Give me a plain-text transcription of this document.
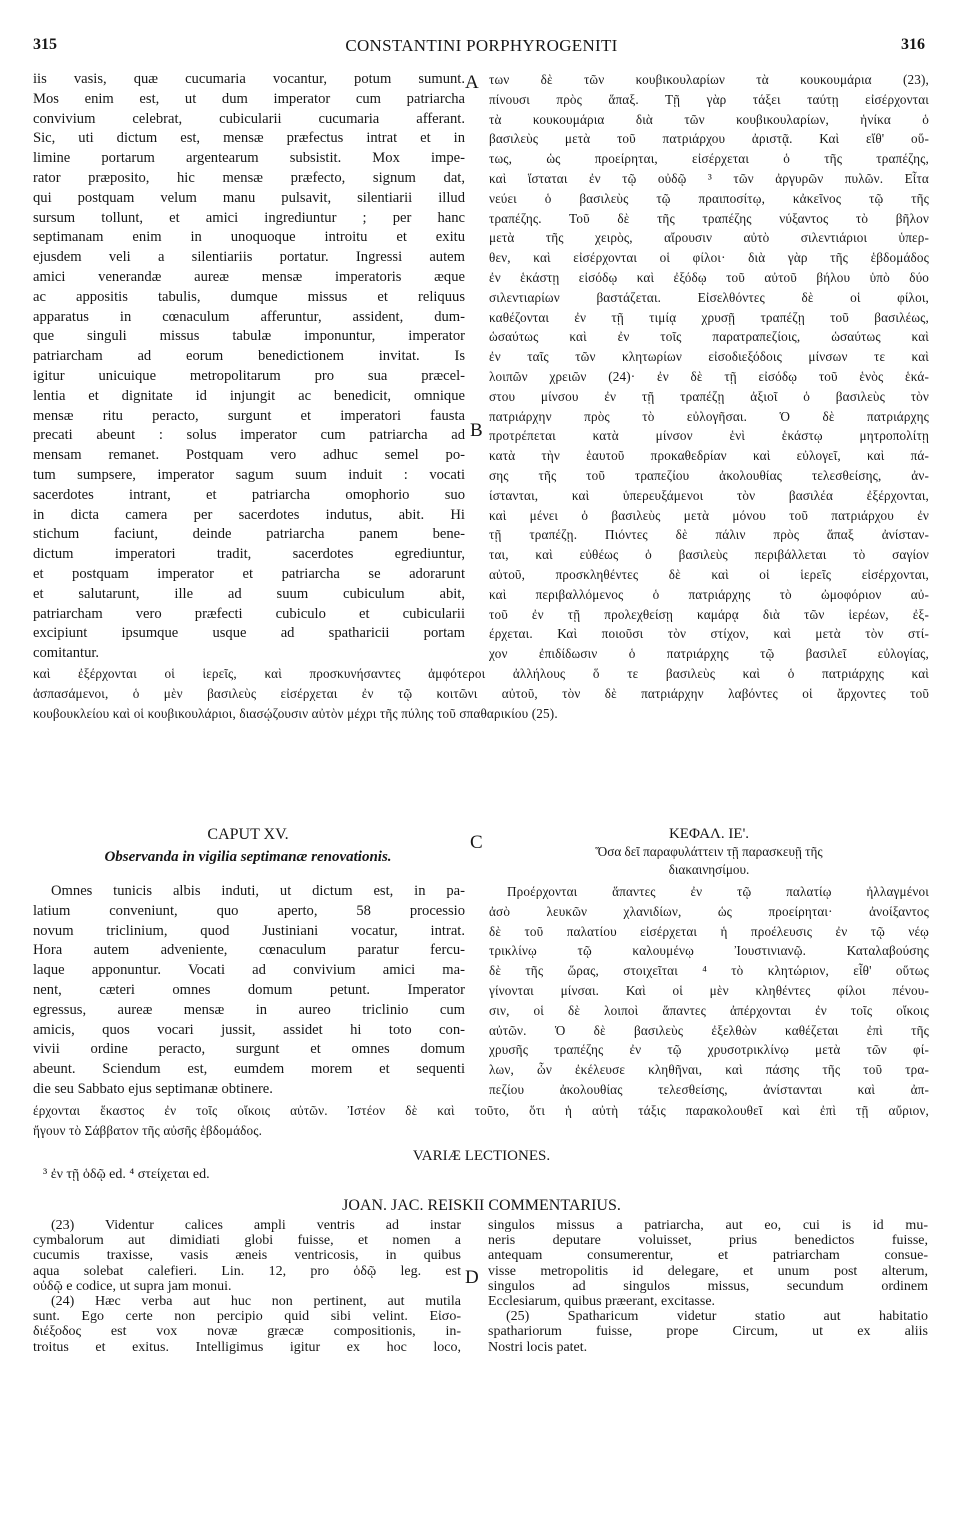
315	CONSTANTINI PORPHYROGENITI	316
A
B
C
D
iis vasis, quæ cucumaria vocantur, potum sumunt.
Mos enim est, ut dum imperator cum patriarcha
convivium celebrat, cubicularii cucumaria afferant.
Sic, uti dictum est, mensæ præfectus intrat et in
limine portarum argentearum subsistit. Mox impe-
rator præposito, hic mensæ præfecto, signum dat,
qui postquam velum manu pulsavit, silentiarii illud
sursum tollunt, et amici ingrediuntur ; per hanc
septimanam enim in unoquoque introitu et exitu
ejusdem veli a silentiariis portatur. Ingressi autem
amici venerandæ aureæ mensæ imperatoris æque
ac appositis tabulis, dumque missus et reliquus
apparatus in cœnaculum afferuntur, assident, dum-
que singuli missus tabulæ imponuntur, imperator
patriarcham ad eorum benedictionem invitat. Is
igitur unicuique metropolitarum pro sua præcel-
lentia et dignitate id injungit ac benedicit, omnique
mensæ ritu peracto, surgunt et imperatori fausta
precati abeunt : solus imperator cum patriarcha ad
mensam remanet. Postquam vero adhuc semel po-
tum sumpsere, imperator sagum suum induit : vocati
sacerdotes intrant, et patriarcha omophorio suo
in dicta camera per sacerdotes indutus, abit. Hi
stichum faciunt, deinde patriarcha panem bene-
dictum imperatori tradit, sacerdotes egrediuntur,
et postquam imperator et patriarcha se adorarunt
et salutarunt, ille ad suum cubiculum abit,
patriarcham vero præfecti cubiculo et cubicularii
excipiunt ipsumque usque ad spatharicii portam
comitantur.
των δὲ τῶν κουβικουλαρίων τὰ κουκουμάρια (23),
πίνουσι πρὸς ἅπαξ. Τῇ γὰρ τάξει ταύτῃ εἰσέρχονται
τὰ κουκουμάρια διὰ τῶν κουβικουλαρίων, ἡνίκα ὁ
βασιλεὺς μετὰ τοῦ πατριάρχου ἀριστᾷ. Καὶ εἴθ' οὕ-
τως, ὡς προείρηται, εἰσέρχεται ὁ τῆς τραπέζης,
καὶ ἵσταται ἐν τῷ οὐδῷ ³ τῶν ἀργυρῶν πυλῶν. Εἶτα
νεύει ὁ βασιλεὺς τῷ πραιποσίτῳ, κἀκεῖνος τῷ τῆς
τραπέζης. Τοῦ δὲ τῆς τραπέζης νύξαντος τὸ βῆλον
μετὰ τῆς χειρὸς, αἴρουσιν αὐτὸ σιλεντιάριοι ὑπερ-
θεν, καὶ εἰσέρχονται οἱ φίλοι· διὰ γὰρ τῆς ἑβδομάδος
ἐν ἑκάστῃ εἰσόδῳ καὶ ἐξόδῳ τοῦ αὐτοῦ βήλου ὑπὸ δύο
σιλεντιαρίων βαστάζεται. Εἰσελθόντες δὲ οἱ φίλοι,
καθέζονται ἐν τῇ τιμίᾳ χρυσῇ τραπέζῃ τοῦ βασιλέως,
ὡσαύτως καὶ ἐν τοῖς παρατραπεζίοις, ὡσαύτως καὶ
ἐν ταῖς τῶν κλητωρίων εἰσοδιεξόδοις μίνσων τε καὶ
λοιπῶν χρειῶν (24)· ἐν δὲ τῇ εἰσόδῳ τοῦ ἑνὸς ἑκά-
στου μίνσου ἐν τῇ τραπέζῃ ἀξιοῖ ὁ βασιλεὺς τὸν
πατριάρχην πρὸς τὸ εὐλογῆσαι. Ὁ δὲ πατριάρχης
προτρέπεται κατὰ μίνσον ἑνὶ ἑκάστῳ μητροπολίτῃ
κατὰ τὴν ἑαυτοῦ προκαθεδρίαν καὶ εὐλογεῖ, καὶ πά-
σης τῆς τοῦ τραπεζίου ἀκολουθίας τελεσθείσης, ἀν-
ίστανται, καὶ ὑπερευξάμενοι τὸν βασιλέα ἐξέρχονται,
καὶ μένει ὁ βασιλεὺς μετὰ μόνου τοῦ πατριάρχου ἐν
τῇ τραπέζῃ. Πιόντες δὲ πάλιν πρὸς ἅπαξ ἀνίσταν-
ται, καὶ εὐθέως ὁ βασιλεὺς περιβάλλεται τὸ σαγίον
αὐτοῦ, προσκληθέντες δὲ καὶ οἱ ἱερεῖς εἰσέρχονται,
καὶ περιβαλλόμενος ὁ πατριάρχης τὸ ὠμοφόριον αὐ-
τοῦ ἐν τῇ προλεχθείσῃ καμάρᾳ διὰ τῶν ἱερέων, ἐξ-
έρχεται. Καὶ ποιοῦσι τὸν στίχον, καὶ μετὰ τὸν στί-
χον ἐπιδίδωσιν ὁ πατριάρχης τῷ βασιλεῖ εὐλογίας,
καὶ ἐξέρχονται οἱ ἱερεῖς, καὶ προσκυνήσαντες ἀμφότεροι ἀλλήλους ὅ τε βασιλεὺς καὶ ὁ πατριάρχης καὶ
ἀσπασάμενοι, ὁ μὲν βασιλεὺς εἰσέρχεται ἐν τῷ κοιτῶνι αὐτοῦ, τὸν δὲ πατριάρχην λαβόντες οἱ ἄρχοντες τοῦ
κουβουκλείου καὶ οἱ κουβικουλάριοι, διασῴζουσιν αὐτὸν μέχρι τῆς πύλης τοῦ σπαθαρικίου (25).
CAPUT XV.
Observanda in vigilia septimanæ renovationis.
ΚΕΦΑΛ. ΙΕ'.
Ὅσα δεῖ παραφυλάττειν τῇ παρασκευῇ τῆς
διακαινησίμου.
Omnes tunicis albis induti, ut dictum est, in pa-
latium conveniunt, quo aperto, 58 processio
novum triclinium, quod Justiniani vocatur, intrat.
Hora autem adveniente, cœnaculum paratur fercu-
laque apponuntur. Vocati ad convivium amici ma-
nent, cæteri omnes domum petunt. Imperator
egressus, aureæ mensæ in aureo triclinio cum
amicis, quos vocari jussit, assidet hi toto con-
vivii ordine peracto, surgunt et omnes domum
abeunt. Sciendum est, eumdem morem et sequenti
die seu Sabbato ejus septimanæ obtinere.
Προέρχονται ἅπαντες ἐν τῷ παλατίῳ ἠλλαγμένοι
ἀσὸ λευκῶν χλανιδίων, ὡς προείρηται· ἀνοίξαντος
δὲ τοῦ παλατίου εἰσέρχεται ἡ προέλευσις ἐν τῷ νέῳ
τρικλίνῳ τῷ καλουμένῳ Ἰουστινιανῷ. Καταλαβούσης
δὲ τῆς ὥρας, στοιχεῖται ⁴ τὸ κλητώριον, εἶθ' οὕτως
γίνονται μίνσαι. Καὶ οἱ μὲν κληθέντες φίλοι πένου-
σιν, οἱ δὲ λοιποὶ ἅπαντες ἀπέρχονται ἐν τοῖς οἴκοις
αὐτῶν. Ὁ δὲ βασιλεὺς ἐξελθὼν καθέζεται ἐπὶ τῆς
χρυσῆς τραπέζης ἐν τῷ χρυσοτρικλίνῳ μετὰ τῶν φί-
λων, ὧν ἐκέλευσε κληθῆναι, καὶ πάσης τῆς τοῦ τρα-
πεζίου ἀκολουθίας τελεσθείσης, ἀνίστανται καὶ ἀπ-
έρχονται ἕκαστος ἐν τοῖς οἴκοις αὐτῶν. Ἰστέον δὲ καὶ τοῦτο, ὅτι ἡ αὐτὴ τάξις παρακολουθεῖ καὶ ἐπὶ τῇ αὔριον,
ἤγουν τὸ Σάββατον τῆς αὐσῆς ἑβδομάδος.
VARIÆ LECTIONES.
³ ἐν τῇ ὁδῷ ed. ⁴ στείχεται ed.
JOAN. JAC. REISKII COMMENTARIUS.
(23) Videntur calices ampli ventris ad instar
cymbalorum aut dimidiati globi fuisse, et nomen a
cucumis traxisse, vasis æneis ventricosis, in quibus
aqua solebat calefieri. Lin. 12, pro ὁδῷ leg. est
οὐδῷ e codice, ut supra jam monui.
(24) Hæc verba aut huc non pertinent, aut mutila
sunt. Ego certe non percipio quid sibi velint. Εἰσο-
διέξοδος est vox novæ græcæ compositionis, in-
troitus et exitus. Intelligimus igitur ex hoc loco,
singulos missus a patriarcha, aut eo, cui is id mu-
neris deputare voluisset, prius benedictos fuisse,
antequam consumerentur, et patriarcham consue-
visse metropolitis id delegare, et unum post alterum,
singulos ad singulos missus, secundum ordinem
Ecclesiarum, quibus præerant, excitasse.
(25) Spatharicum videtur statio aut habitatio
spathariorum fuisse, prope Circum, ut ex aliis
Nostri locis patet.
